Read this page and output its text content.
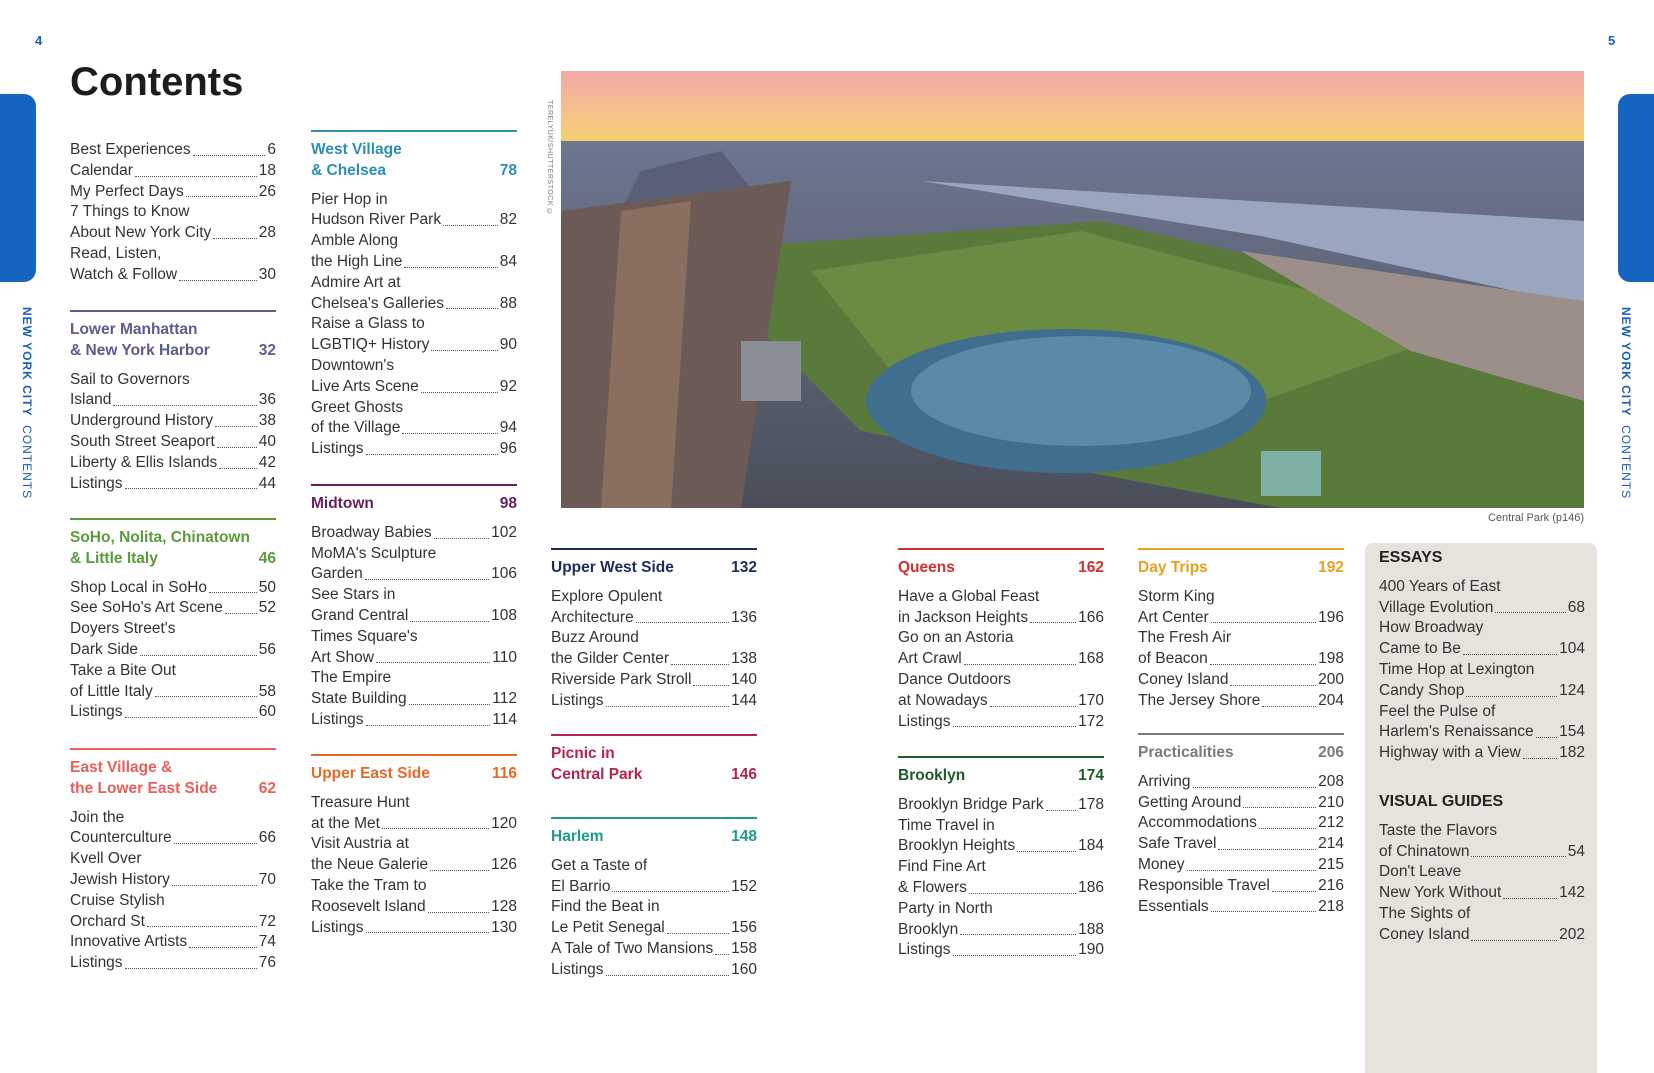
4	5
NEW YORK CITY  CONTENTS
NEW YORK CITY  CONTENTS
Contents
TERELYUK/SHUTTERSTOCK ©
Central Park (p146)
Best Experiences	6
Calendar	18
My Perfect Days	26
7 Things to Know
About New York City	28
Read, Listen,
Watch & Follow	30
Lower Manhattan
& New York Harbor	32
Sail to Governors
Island	36
Underground History	38
South Street Seaport	40
Liberty & Ellis Islands	42
Listings	44
SoHo, Nolita, Chinatown
& Little Italy	46
Shop Local in SoHo	50
See SoHo's Art Scene 52
Doyers Street's
Dark Side	56
Take a Bite Out
of Little Italy	58
Listings	60
East Village &
the Lower East Side	62
Join the
Counterculture	66
Kvell Over
Jewish History	70
Cruise Stylish
Orchard St	72
Innovative Artists	74
Listings	76
West Village
& Chelsea	78
Pier Hop in
Hudson River Park	82
Amble Along
the High Line	84
Admire Art at
Chelsea's Galleries	88
Raise a Glass to
LGBTIQ+ History	90
Downtown's
Live Arts Scene	92
Greet Ghosts
of the Village	94
Listings	96
Midtown	98
Broadway Babies	102
MoMA's Sculpture
Garden	106
See Stars in
Grand Central	108
Times Square's
Art Show	110
The Empire
State Building	112
Listings	114
Upper East Side	116
Treasure Hunt
at the Met	120
Visit Austria at
the Neue Galerie	126
Take the Tram to
Roosevelt Island	128
Listings	130
Upper West Side	132
Explore Opulent
Architecture	136
Buzz Around
the Gilder Center	138
Riverside Park Stroll	140
Listings	144
Picnic in
Central Park	146
Harlem	148
Get a Taste of
El Barrio	152
Find the Beat in
Le Petit Senegal	156
A Tale of Two Mansions 158
Listings	160
Queens	162
Have a Global Feast
in Jackson Heights	166
Go on an Astoria
Art Crawl	168
Dance Outdoors
at Nowadays	170
Listings	172
Brooklyn	174
Brooklyn Bridge Park 178
Time Travel in
Brooklyn Heights	184
Find Fine Art
& Flowers	186
Party in North
Brooklyn	188
Listings	190
Day Trips	192
Storm King
Art Center	196
The Fresh Air
of Beacon	198
Coney Island	200
The Jersey Shore	204
Practicalities	206
Arriving	208
Getting Around	210
Accommodations	212
Safe Travel	214
Money	215
Responsible Travel	216
Essentials	218
ESSAYS
400 Years of East
Village Evolution	68
How Broadway
Came to Be	104
Time Hop at Lexington
Candy Shop	124
Feel the Pulse of
Harlem's Renaissance 154
Highway with a View 182
VISUAL GUIDES
Taste the Flavors
of Chinatown	54
Don't Leave
New York Without	142
The Sights of
Coney Island	202
